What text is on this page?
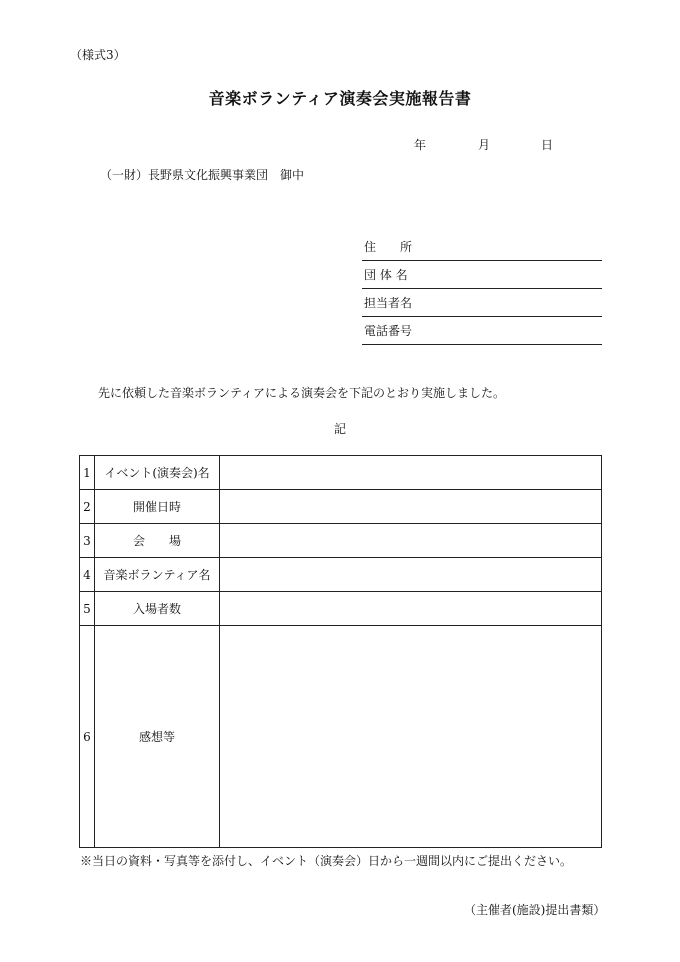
（様式3）
音楽ボランティア演奏会実施報告書
年	月	日
（一財）長野県文化振興事業団　御中
住　　所
団 体 名
担当者名
電話番号
先に依頼した音楽ボランティアによる演奏会を下記のとおり実施しました。
記
1	イベント(演奏会)名	
2	開催日時	
3	会　　場	
4	音楽ボランティア名	
5	入場者数	
6	感想等	
※当日の資料・写真等を添付し、イベント（演奏会）日から一週間以内にご提出ください。
（主催者(施設)提出書類）
